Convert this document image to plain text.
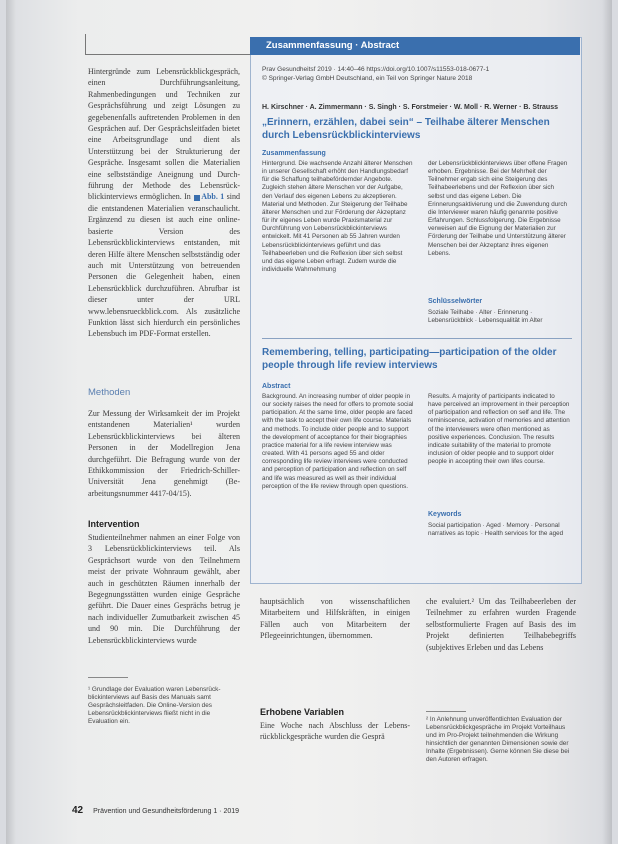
Hintergründe zum Lebensrückblickgespräch, einen Durchführungsanleitung, Rahmenbedingungen und Techniken zur Gesprächsführung und zeigt Lösungen zu gegebenenfalls auftretenden Problemen in den Gesprächen auf. Der Gesprächsleitfaden bietet eine Arbeitsgrundlage und dient als Unterstützung bei der Strukturierung der Gespräche. Insgesamt sollen die Materialien eine selbstständige Aneignung und Durchführung der Methode des Lebensrückblickinterviews ermöglichen. In Abb. 1 sind die entstandenen Materialien veranschaulicht. Ergänzend zu diesen ist auch eine online-basierte Version des Lebensrückblickinterviews entstanden, mit deren Hilfe ältere Menschen selbstständig oder auch mit Unterstützung von betreuenden Personen die Gelegenheit haben, einen Lebensrückblick durchzuführen. Abrufbar ist dieser unter der URL www.lebensrueckblick.com. Als zusätzliche Funktion lässt sich hierdurch ein persönliches Lebensbuch im PDF-Format erstellen.

Methoden
Zur Messung der Wirksamkeit der im Projekt entstandenen Materialien¹ wurden Lebensrückblickinterviews bei älteren Personen in der Modellregion Jena durchgeführt. Die Befragung wurde von der Ethikkommission der Friedrich-Schiller-Universität Jena genehmigt (Bearbeitungsnummer 4417-04/15).
Intervention
Studienteilnehmer nahmen an einer Folge von 3 Lebensrückblickinterviews teil. Als Gesprächsort wurde von den Teilnehmern meist der private Wohnraum gewählt, aber auch in geschützten Räumen innerhalb der Begegnungsstätten wurden einige Gespräche geführt. Die Dauer eines Gesprächs betrug je nach individueller Zumutbarkeit zwischen 45 und 90 min. Die Durchführung der Lebensrückblickinterviews wurde
¹ Grundlage der Evaluation waren Lebensrückblickinterviews auf Basis des Manuals samt Gesprächsleitfaden. Die Online-Version des Lebensrückblickinterviews fließt nicht in die Evaluation ein.
Zusammenfassung · Abstract
Prav Gesundheitsf 2019 · 14:40–46 https://doi.org/10.1007/s11553-018-0677-1
© Springer-Verlag GmbH Deutschland, ein Teil von Springer Nature 2018
H. Kirschner · A. Zimmermann · S. Singh · S. Forstmeier · W. Moll · R. Werner · B. Strauss
„Erinnern, erzählen, dabei sein“ – Teilhabe älterer Menschen durch Lebensrückblickinterviews
Zusammenfassung
Hintergrund. Die wachsende Anzahl älterer Menschen in unserer Gesellschaft erhöht den Handlungsbedarf für die Schaffung teilhabefördernder Angebote. Zugleich stehen ältere Menschen vor der Aufgabe, den Verlauf des eigenen Lebens zu akzeptieren. Material und Methoden. Zur Steigerung der Teilhabe älterer Menschen und zur Förderung der Akzeptanz für ihr eigenes Leben wurde Praxismaterial zur Durchführung von Lebensrückblickinterviews entwickelt. Mit 41 Personen ab 55 Jahren wurden Lebensrückblickinterviews geführt und das Teilhabeerleben und die Reflexion über sich selbst und das eigene Leben erfragt. Zudem wurde die individuelle Wahrnehmung
der Lebensrückblickinterviews über offene Fragen erhoben. Ergebnisse. Bei der Mehrheit der Teilnehmer ergab sich eine Steigerung des Teilhabeerlebens und der Reflexion über sich selbst und das eigene Leben. Die Erinnerungsaktivierung und die Zuwendung durch die Interviewer waren häufig genannte positive Erfahrungen. Schlussfolgerung. Die Ergebnisse verweisen auf die Eignung der Materialien zur Förderung der Teilhabe und Unterstützung älterer Menschen bei der Akzeptanz ihres eigenen Lebens.
Schlüsselwörter
Soziale Teilhabe · Alter · Erinnerung · Lebensrückblick · Lebensqualität im Alter
Remembering, telling, participating—participation of the older people through life review interviews
Abstract
Background. An increasing number of older people in our society raises the need for offers to promote social participation. At the same time, older people are faced with the task to accept their own life course. Materials and methods. To include older people and to support the development of acceptance for their biographies practice material for a life review interview was created. With 41 persons aged 55 and older corresponding life review interviews were conducted and perception of participation and reflection on self and life was measured as well as their individual perception of the life review through open questions.
Results. A majority of participants indicated to have perceived an improvement in their perception of participation and reflection on self and life. The reminiscence, activation of memories and attention of the interviewers were often mentioned as positive experiences. Conclusion. The results indicate suitability of the material to promote inclusion of older people and to support older people in accepting their own lifes course.
Keywords
Social participation · Aged · Memory · Personal narratives as topic · Health services for the aged
hauptsächlich von wissenschaftlichen Mitarbeitern und Hilfskräften, in einigen Fällen auch von Mitarbeitern der Pflegeeinrichtungen, übernommen.
Erhobene Variablen
Eine Woche nach Abschluss der Lebensrückblickgespräche wurden die Gesprä
che evaluiert.² Um das Teilhabeerleben der Teilnehmer zu erfahren wurden Fragende selbstformulierte Fragen auf Basis des im Projekt definierten Teilhabebegriffs (subjektives Erleben und das Lebens
² In Anlehnung unveröffentlichten Evaluation der Lebensrückblickgespräche im Projekt Vorteilhaus und im Pro-Projekt teilnehmenden die Wirkung hinsichtlich der genannten Dimensionen sowie der Inhalte (Ergebnissen). Gerne können Sie diese bei den Autoren erfragen.
42 Prävention und Gesundheitsförderung 1 · 2019
